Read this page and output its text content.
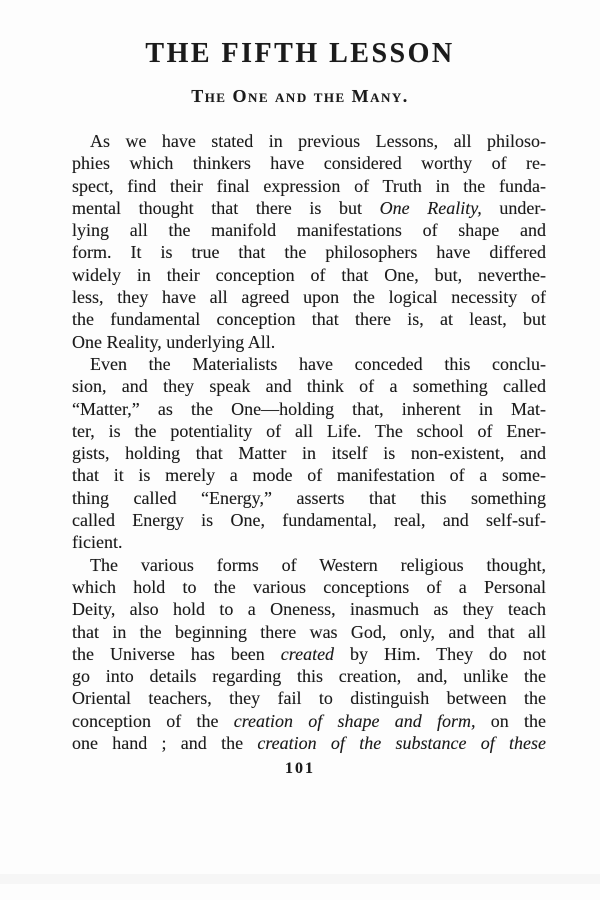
THE FIFTH LESSON
The One and the Many.
As we have stated in previous Lessons, all philoso-
phies which thinkers have considered worthy of re-
spect, find their final expression of Truth in the funda-
mental thought that there is but One Reality, under-
lying all the manifold manifestations of shape and
form. It is true that the philosophers have differed
widely in their conception of that One, but, neverthe-
less, they have all agreed upon the logical necessity of
the fundamental conception that there is, at least, but
One Reality, underlying All.
Even the Materialists have conceded this conclu-
sion, and they speak and think of a something called
“Matter,” as the One—holding that, inherent in Mat-
ter, is the potentiality of all Life. The school of Ener-
gists, holding that Matter in itself is non-existent, and
that it is merely a mode of manifestation of a some-
thing called “Energy,” asserts that this something
called Energy is One, fundamental, real, and self-suf-
ficient.
The various forms of Western religious thought,
which hold to the various conceptions of a Personal
Deity, also hold to a Oneness, inasmuch as they teach
that in the beginning there was God, only, and that all
the Universe has been created by Him. They do not
go into details regarding this creation, and, unlike the
Oriental teachers, they fail to distinguish between the
conception of the creation of shape and form, on the
one hand ; and the creation of the substance of these
101
